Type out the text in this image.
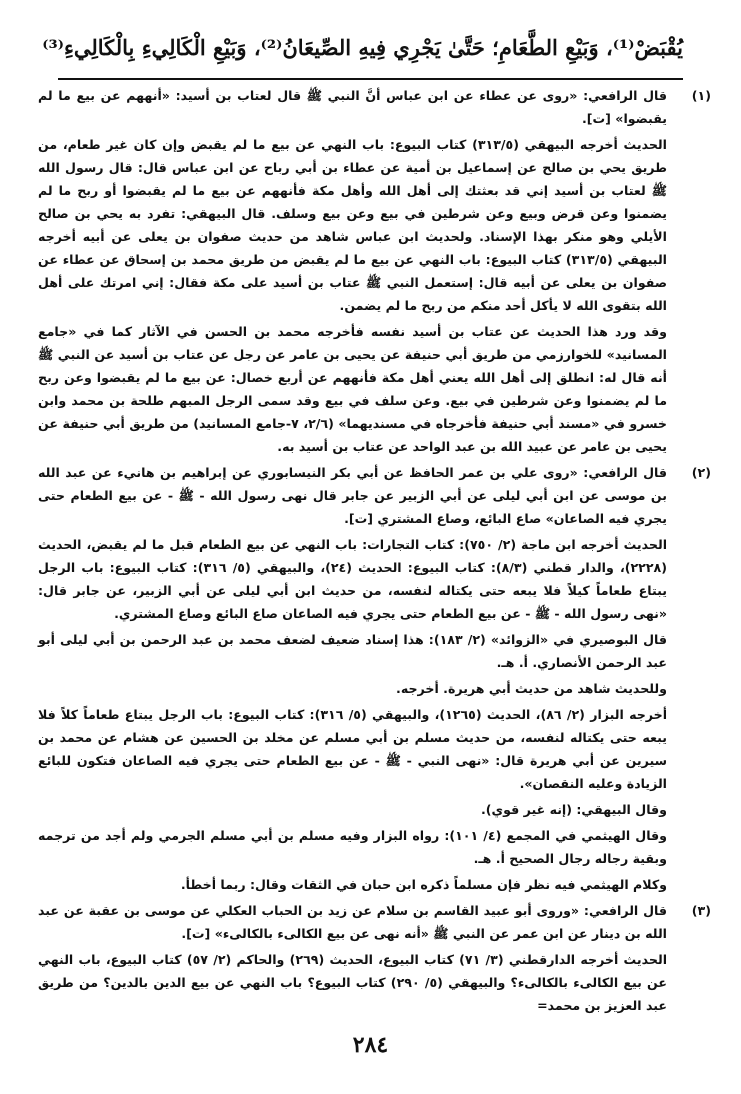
يُقْبَضْ⁽¹⁾، وَبَيْعِ الطَّعَامِ؛ حَتَّىٰ يَجْرِي فِيهِ الصِّيعَانُ⁽²⁾، وَبَيْعِ الْكَالِيءِ بِالْكَالِيءِ⁽³⁾
(١)

قال الرافعي: «روى عن عطاء عن ابن عباس أنَّ النبي ﷺ قال لعتاب بن أسيد: «أنههم عن بيع ما لم يقبضوا» [ت].

الحديث أخرجه البيهقي (٣١٣/٥) كتاب البيوع: باب النهي عن بيع ما لم يقبض وإن كان غير طعام، من طريق يحي بن صالح عن إسماعيل بن أمية عن عطاء بن أبي رباح عن ابن عباس قال: قال رسول الله ﷺ لعتاب بن أسيد إني قد بعثتك إلى أهل الله وأهل مكة فأنههم عن بيع ما لم يقبضوا أو ربح ما لم يضمنوا وعن قرض وبيع وعن شرطين في بيع وعن بيع وسلف. قال البيهقي: تفرد به يحي بن صالح الأيلي وهو منكر بهذا الإسناد. ولحديث ابن عباس شاهد من حديث صفوان بن يعلى عن أبيه أخرجه البيهقي (٣١٣/٥) كتاب البيوع: باب النهي عن بيع ما لم يقبض من طريق محمد بن إسحاق عن عطاء عن صفوان بن يعلى عن أبيه قال: إستعمل النبي ﷺ عتاب بن أسيد على مكة فقال: إني امرتك على أهل الله بتقوى الله لا يأكل أحد منكم من ربح ما لم يضمن.

وقد ورد هذا الحديث عن عتاب بن أسيد نفسه فأخرجه محمد بن الحسن في الآثار كما في «جامع المسانيد» للخوارزمي من طريق أبي حنيفة عن يحيى بن عامر عن رجل عن عتاب بن أسيد عن النبي ﷺ أنه قال له: انطلق إلى أهل الله يعني أهل مكة فأنههم عن أربع خصال: عن بيع ما لم يقبضوا وعن ربح ما لم يضمنوا وعن شرطين في بيع. وعن سلف في بيع وقد سمى الرجل المبهم طلحة بن محمد وابن خسرو في «مسند أبي حنيفة فأخرجاه في مسنديهما» (٢/٦، ٧-جامع المسانيد) من طريق أبي حنيفة عن يحيى بن عامر عن عبيد الله بن عبد الواحد عن عتاب بن أسيد به.

(٢)

قال الرافعي: «روى علي بن عمر الحافظ عن أبي بكر النيسابوري عن إبراهيم بن هانيء عن عبد الله بن موسى عن ابن أبي ليلى عن أبي الزبير عن جابر قال نهى رسول الله - ﷺ - عن بيع الطعام حتى يجري فيه الصاعان» صاع البائع، وصاع المشتري [ت].

الحديث أخرجه ابن ماجة (٢/ ٧٥٠): كتاب التجارات: باب النهي عن بيع الطعام قبل ما لم يقبض، الحديث (٢٢٢٨)، والدار قطني (٨/٣): كتاب البيوع: الحديث (٢٤)، والبيهقي (٥/ ٣١٦): كتاب البيوع: باب الرجل يبتاع طعاماً كيلاً فلا يبعه حتى يكتاله لنفسه، من حديث ابن أبي ليلى عن أبي الزبير، عن جابر قال: «نهى رسول الله - ﷺ - عن بيع الطعام حتى يجري فيه الصاعان صاع البائع وصاع المشتري.

قال البوصيري في «الزوائد» (٢/ ١٨٣): هذا إسناد ضعيف لضعف محمد بن عبد الرحمن بن أبي ليلى أبو عبد الرحمن الأنصاري. أ. هـ.

وللحديث شاهد من حديث أبي هريرة. أخرجه.

أخرجه البزار (٢/ ٨٦)، الحديث (١٢٦٥)، والبيهقي (٥/ ٣١٦): كتاب البيوع: باب الرجل يبتاع طعاماً كلاً فلا يبعه حتى يكتاله لنفسه، من حديث مسلم بن أبي مسلم عن مخلد بن الحسين عن هشام عن محمد بن سيرين عن أبي هريرة قال: «نهى النبي - ﷺ - عن بيع الطعام حتى يجري فيه الصاعان فتكون للبائع الزيادة وعليه النقصان».

وقال البيهقي: (إنه غير قوي).

وقال الهيثمي في المجمع (٤/ ١٠١): رواه البزار وفيه مسلم بن أبي مسلم الجرمي ولم أجد من ترجمه وبقية رجاله رجال الصحيح أ. هـ.

وكلام الهيثمي فيه نظر فإن مسلماً ذكره ابن حبان في الثقات وقال: ربما أخطأ.

(٣)

قال الرافعي: «وروى أبو عبيد القاسم بن سلام عن زيد بن الحباب العكلي عن موسى بن عقبة عن عبد الله بن دينار عن ابن عمر عن النبي ﷺ «أنه نهى عن بيع الكالىء بالكالىء» [ت].

الحديث أخرجه الدارقطني (٣/ ٧١) كتاب البيوع، الحديث (٢٦٩) والحاكم (٢/ ٥٧) كتاب البيوع، باب النهي عن بيع الكالىء بالكالىء؟ والبيهقي (٥/ ٢٩٠) كتاب البيوع؟ باب النهي عن بيع الدين بالدين؟ من طريق عبد العزيز بن محمد=

٢٨٤
